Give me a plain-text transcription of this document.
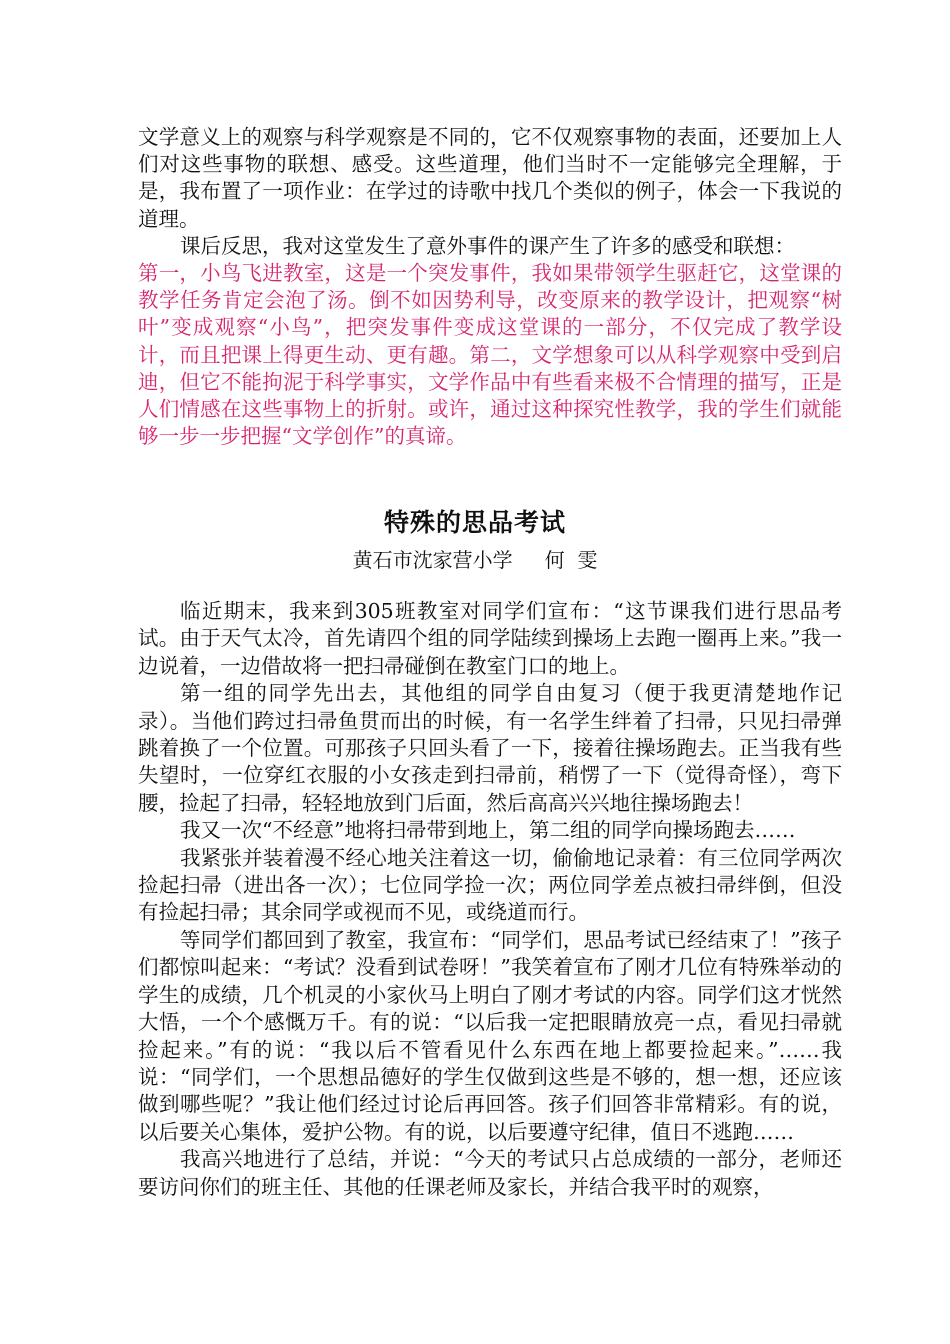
文学意义上的观察与科学观察是不同的，它不仅观察事物的表面，还要加上人们对这些事物的联想、感受。这些道理，他们当时不一定能够完全理解，于是，我布置了一项作业：在学过的诗歌中找几个类似的例子，体会一下我说的道理。

课后反思，我对这堂发生了意外事件的课产生了许多的感受和联想：

第一，小鸟飞进教室，这是一个突发事件，我如果带领学生驱赶它，这堂课的教学任务肯定会泡了汤。倒不如因势利导，改变原来的教学设计，把观察“树叶”变成观察“小鸟”，把突发事件变成这堂课的一部分，不仅完成了教学设计，而且把课上得更生动、更有趣。第二，文学想象可以从科学观察中受到启迪，但它不能拘泥于科学事实，文学作品中有些看来极不合情理的描写，正是人们情感在这些事物上的折射。或许，通过这种探究性教学，我的学生们就能够一步一步把握“文学创作”的真谛。

特殊的思品考试
黄石市沈家营小学 何  雯

临近期末，我来到305班教室对同学们宣布：“这节课我们进行思品考试。由于天气太冷，首先请四个组的同学陆续到操场上去跑一圈再上来。”我一边说着，一边借故将一把扫帚碰倒在教室门口的地上。

第一组的同学先出去，其他组的同学自由复习（便于我更清楚地作记录）。当他们跨过扫帚鱼贯而出的时候，有一名学生绊着了扫帚，只见扫帚弹跳着换了一个位置。可那孩子只回头看了一下，接着往操场跑去。正当我有些失望时，一位穿红衣服的小女孩走到扫帚前，稍愣了一下（觉得奇怪），弯下腰，捡起了扫帚，轻轻地放到门后面，然后高高兴兴地往操场跑去！

我又一次“不经意”地将扫帚带到地上，第二组的同学向操场跑去……

我紧张并装着漫不经心地关注着这一切，偷偷地记录着：有三位同学两次捡起扫帚（进出各一次）；七位同学捡一次；两位同学差点被扫帚绊倒，但没有捡起扫帚；其余同学或视而不见，或绕道而行。

等同学们都回到了教室，我宣布：“同学们，思品考试已经结束了！”孩子们都惊叫起来：“考试？没看到试卷呀！”我笑着宣布了刚才几位有特殊举动的学生的成绩，几个机灵的小家伙马上明白了刚才考试的内容。同学们这才恍然大悟，一个个感慨万千。有的说：“以后我一定把眼睛放亮一点，看见扫帚就捡起来。”有的说：“我以后不管看见什么东西在地上都要捡起来。”……我说：“同学们，一个思想品德好的学生仅做到这些是不够的，想一想，还应该做到哪些呢？”我让他们经过讨论后再回答。孩子们回答非常精彩。有的说，以后要关心集体，爱护公物。有的说，以后要遵守纪律，值日不逃跑……

我高兴地进行了总结，并说：“今天的考试只占总成绩的一部分，老师还要访问你们的班主任、其他的任课老师及家长，并结合我平时的观察，
